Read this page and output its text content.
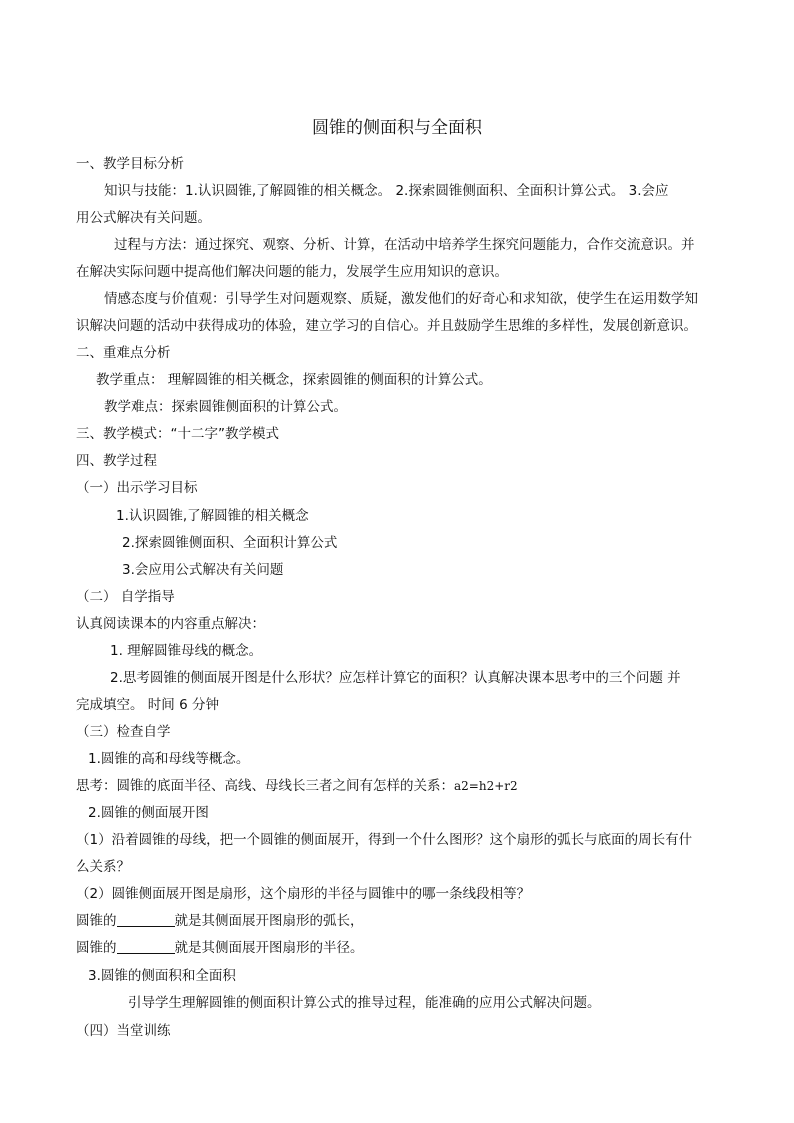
圆锥的侧面积与全面积
一、教学目标分析
知识与技能：1.认识圆锥,了解圆锥的相关概念。 2.探索圆锥侧面积、全面积计算公式。 3.会应
用公式解决有关问题。
过程与方法：通过探究、观察、分析、计算，在活动中培养学生探究问题能力，合作交流意识。并
在解决实际问题中提高他们解决问题的能力，发展学生应用知识的意识。
情感态度与价值观：引导学生对问题观察、质疑，激发他们的好奇心和求知欲，使学生在运用数学知
识解决问题的活动中获得成功的体验，建立学习的自信心。并且鼓励学生思维的多样性，发展创新意识。
二、重难点分析
教学重点： 理解圆锥的相关概念，探索圆锥的侧面积的计算公式。
教学难点：探索圆锥侧面积的计算公式。
三、教学模式：“十二字”教学模式
四、教学过程
（一）出示学习目标
1.认识圆锥,了解圆锥的相关概念
2.探索圆锥侧面积、全面积计算公式
3.会应用公式解决有关问题
（二） 自学指导
认真阅读课本的内容重点解决：
1. 理解圆锥母线的概念。
2.思考圆锥的侧面展开图是什么形状？应怎样计算它的面积？认真解决课本思考中的三个问题 并
完成填空。 时间 6 分钟
（三）检查自学
1.圆锥的高和母线等概念。
思考：圆锥的底面半径、高线、母线长三者之间有怎样的关系：a2=h2+r2
2.圆锥的侧面展开图
（1）沿着圆锥的母线，把一个圆锥的侧面展开，得到一个什么图形？这个扇形的弧长与底面的周长有什
么关系？
（2）圆锥侧面展开图是扇形，这个扇形的半径与圆锥中的哪一条线段相等？
圆锥的	就是其侧面展开图扇形的弧长，
圆锥的	就是其侧面展开图扇形的半径。
3.圆锥的侧面积和全面积
引导学生理解圆锥的侧面积计算公式的推导过程，能准确的应用公式解决问题。
（四）当堂训练
